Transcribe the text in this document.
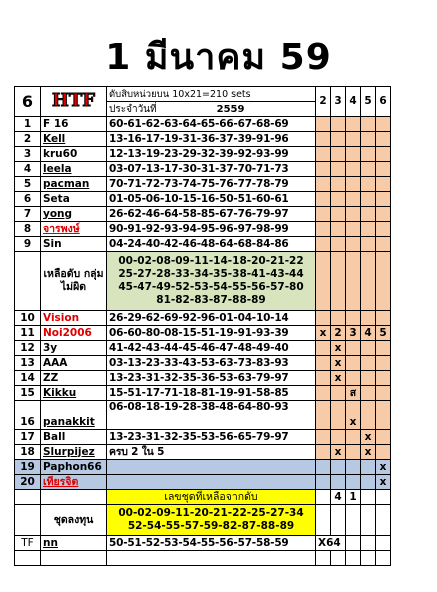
1 มีนาคม 59
6	HTF	ดับสิบหน่วยบน 10x21=210 sets	2	3	4	5	6
		ประจำวันที่ 2559					
1	F 16	60-61-62-63-64-65-66-67-68-69					
2	Kell	13-16-17-19-31-36-37-39-91-96					
3	kru60	12-13-19-23-29-32-39-92-93-99					
4	leela	03-07-13-17-30-31-37-70-71-73					
5	pacman	70-71-72-73-74-75-76-77-78-79					
6	Seta	01-05-06-10-15-16-50-51-60-61					
7	yong	26-62-46-64-58-85-67-76-79-97					
8	จารพงษ์	90-91-92-93-94-95-96-97-98-99					
9	Sin	04-24-40-42-46-48-64-68-84-86					
	เหลือดับ กลุ่ม ไม่ผิด	00-02-08-09-11-14-18-20-21-22
25-27-28-33-34-35-38-41-43-44
45-47-49-52-53-54-55-56-57-80
81-82-83-87-88-89					

10	Vision	26-29-62-69-92-96-01-04-10-14					
11	Noi2006	06-60-80-08-15-51-19-91-93-39	x	2	3	4	5
12	3y	41-42-43-44-45-46-47-48-49-40		x			
13	AAA	03-13-23-33-43-53-63-73-83-93		x			
14	ZZ	13-23-31-32-35-36-53-63-79-97		x			
15	Kikku	15-51-17-71-18-81-19-91-58-85			ส		
16	panakkit	06-08-18-19-28-38-48-64-80-93			x		
17	Ball	13-23-31-32-35-53-56-65-79-97				x	
18	Slurpijez	ครบ 2 ใน 5		x		x	
19	Paphon66						x
20	เทียรจิต						x
		เลขชุดที่เหลือจากดับ		4	1		
	ชุดลงทุน	00-02-09-11-20-21-22-25-27-34
52-54-55-57-59-82-87-88-89					

TF	nn	50-51-52-53-54-55-56-57-58-59	X64				
